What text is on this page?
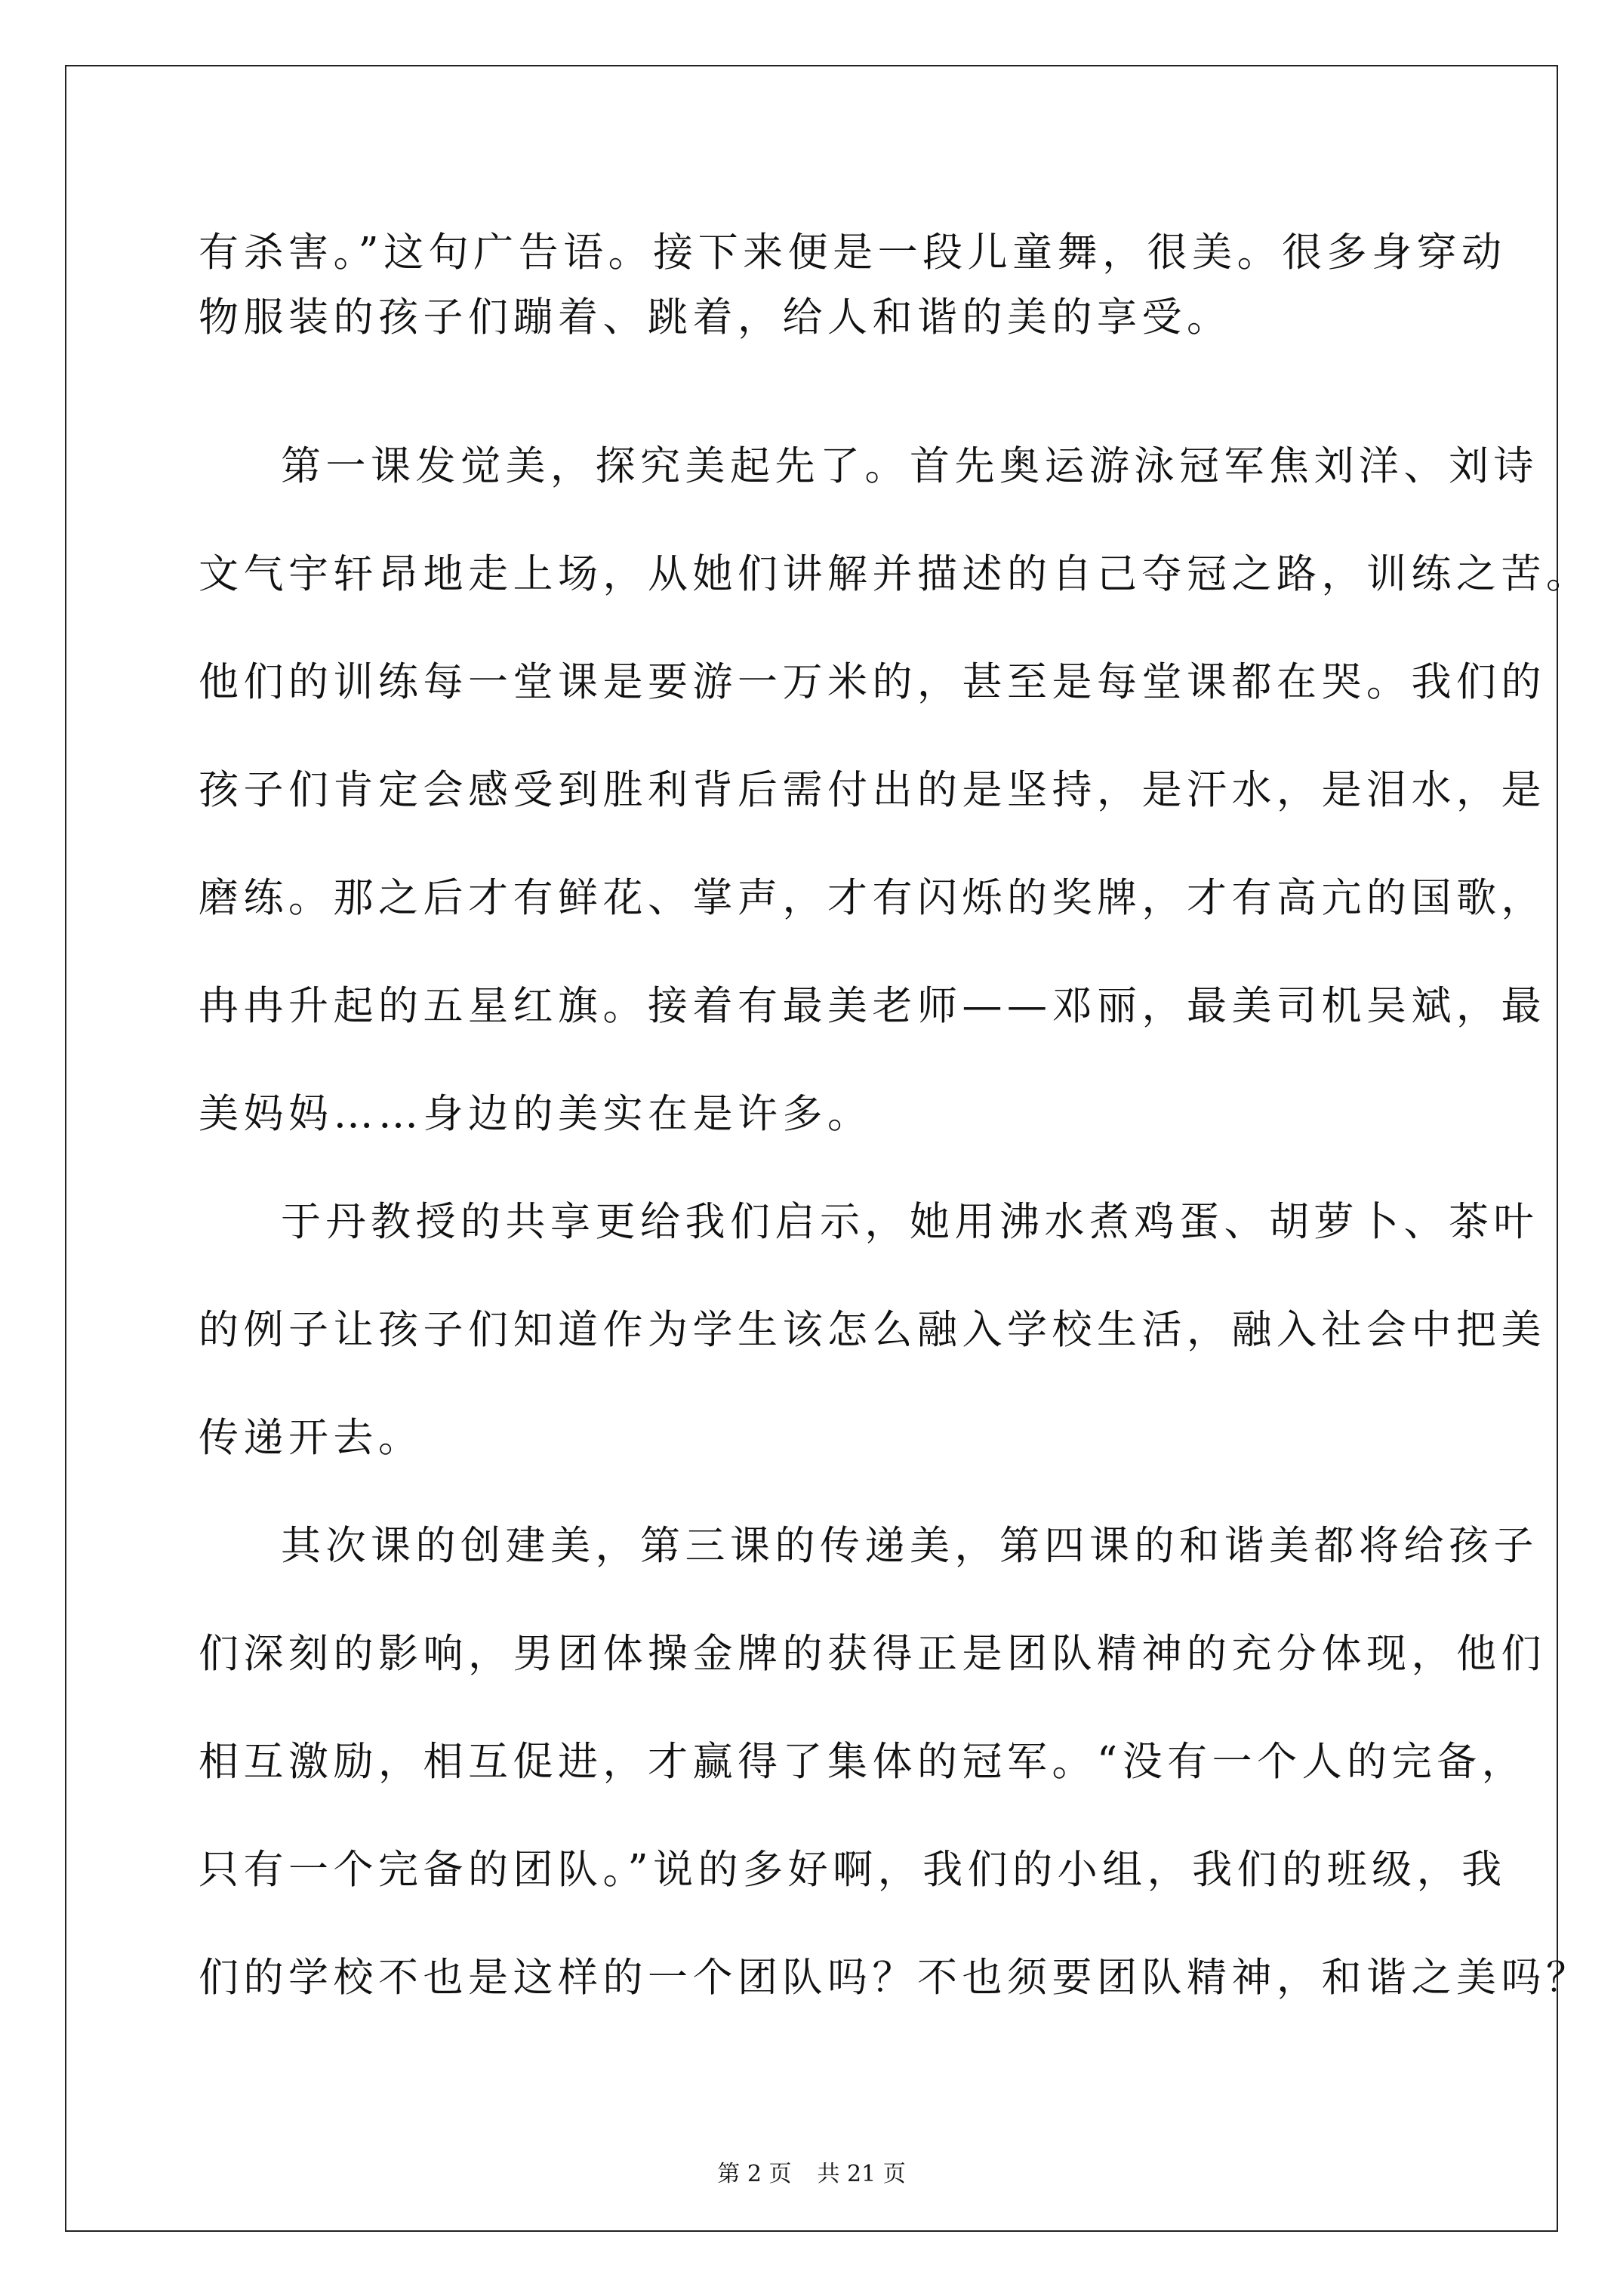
有杀害。”这句广告语。接下来便是一段儿童舞，很美。很多身穿动
物服装的孩子们蹦着、跳着，给人和谐的美的享受。
第一课发觉美，探究美起先了。首先奥运游泳冠军焦刘洋、刘诗
文气宇轩昂地走上场，从她们讲解并描述的自己夺冠之路，训练之苦。
他们的训练每一堂课是要游一万米的，甚至是每堂课都在哭。我们的
孩子们肯定会感受到胜利背后需付出的是坚持，是汗水，是泪水，是
磨练。那之后才有鲜花、掌声，才有闪烁的奖牌，才有高亢的国歌，
冉冉升起的五星红旗。接着有最美老师——邓丽，最美司机吴斌，最
美妈妈……身边的美实在是许多。
于丹教授的共享更给我们启示，她用沸水煮鸡蛋、胡萝卜、茶叶
的例子让孩子们知道作为学生该怎么融入学校生活，融入社会中把美
传递开去。
其次课的创建美，第三课的传递美，第四课的和谐美都将给孩子
们深刻的影响，男团体操金牌的获得正是团队精神的充分体现，他们
相互激励，相互促进，才赢得了集体的冠军。“没有一个人的完备，
只有一个完备的团队。”说的多好啊，我们的小组，我们的班级，我
们的学校不也是这样的一个团队吗？不也须要团队精神，和谐之美吗？
第 2 页 共 21 页
